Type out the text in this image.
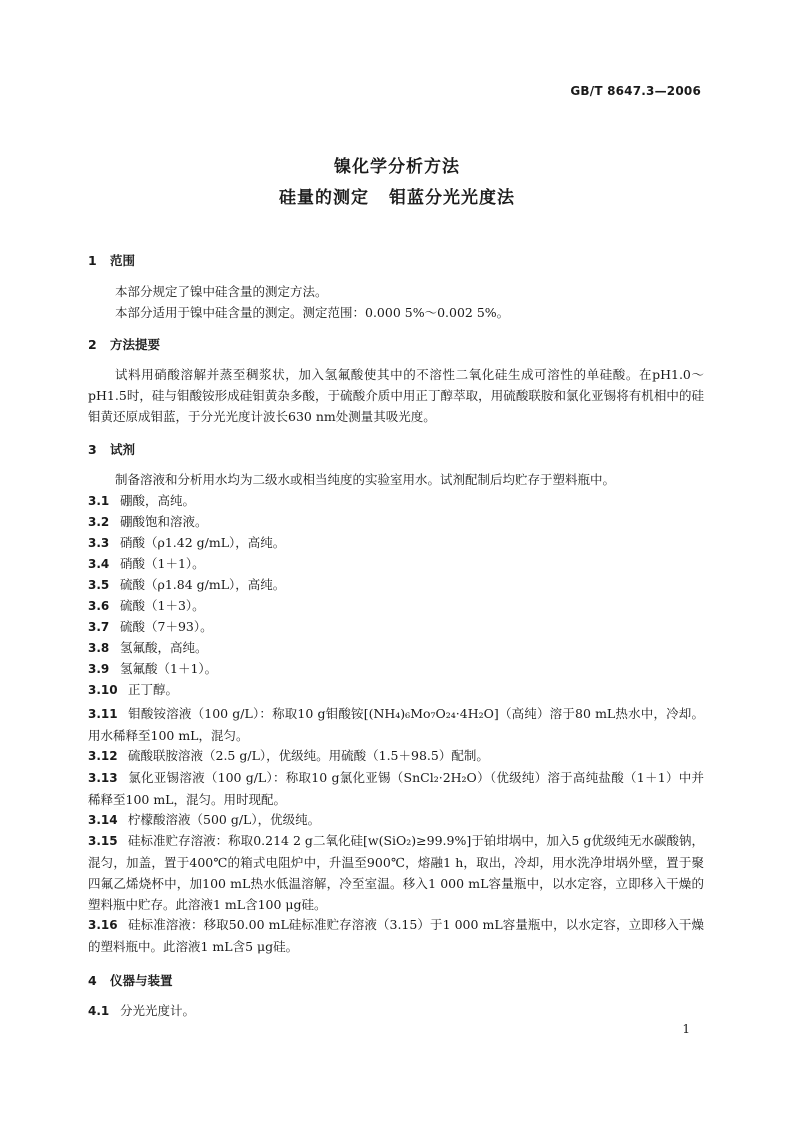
GB/T 8647.3—2006
镍化学分析方法
硅量的测定 钼蓝分光光度法
1 范围
本部分规定了镍中硅含量的测定方法。
本部分适用于镍中硅含量的测定。测定范围：0.000 5%～0.002 5%。
2 方法提要
试料用硝酸溶解并蒸至稠浆状，加入氢氟酸使其中的不溶性二氧化硅生成可溶性的单硅酸。在pH1.0～pH1.5时，硅与钼酸铵形成硅钼黄杂多酸，于硫酸介质中用正丁醇萃取，用硫酸联胺和氯化亚锡将有机相中的硅钼黄还原成钼蓝，于分光光度计波长630 nm处测量其吸光度。
3 试剂
制备溶液和分析用水均为二级水或相当纯度的实验室用水。试剂配制后均贮存于塑料瓶中。
3.1 硼酸，高纯。
3.2 硼酸饱和溶液。
3.3 硝酸（ρ1.42 g/mL），高纯。
3.4 硝酸（1＋1）。
3.5 硫酸（ρ1.84 g/mL），高纯。
3.6 硫酸（1＋3）。
3.7 硫酸（7＋93）。
3.8 氢氟酸，高纯。
3.9 氢氟酸（1＋1）。
3.10 正丁醇。
3.11 钼酸铵溶液（100 g/L）：称取10 g钼酸铵[(NH₄)₆Mo₇O₂₄·4H₂O]（高纯）溶于80 mL热水中，冷却。用水稀释至100 mL，混匀。
3.12 硫酸联胺溶液（2.5 g/L），优级纯。用硫酸（1.5＋98.5）配制。
3.13 氯化亚锡溶液（100 g/L）：称取10 g氯化亚锡（SnCl₂·2H₂O）（优级纯）溶于高纯盐酸（1＋1）中并稀释至100 mL，混匀。用时现配。
3.14 柠檬酸溶液（500 g/L），优级纯。
3.15 硅标准贮存溶液：称取0.214 2 g二氧化硅[w(SiO₂)≥99.9%]于铂坩埚中，加入5 g优级纯无水碳酸钠，混匀，加盖，置于400℃的箱式电阻炉中，升温至900℃，熔融1 h，取出，冷却，用水洗净坩埚外壁，置于聚四氟乙烯烧杯中，加100 mL热水低温溶解，冷至室温。移入1 000 mL容量瓶中，以水定容，立即移入干燥的塑料瓶中贮存。此溶液1 mL含100 μg硅。
3.16 硅标准溶液：移取50.00 mL硅标准贮存溶液（3.15）于1 000 mL容量瓶中，以水定容，立即移入干燥的塑料瓶中。此溶液1 mL含5 μg硅。
4 仪器与装置
4.1 分光光度计。
1
